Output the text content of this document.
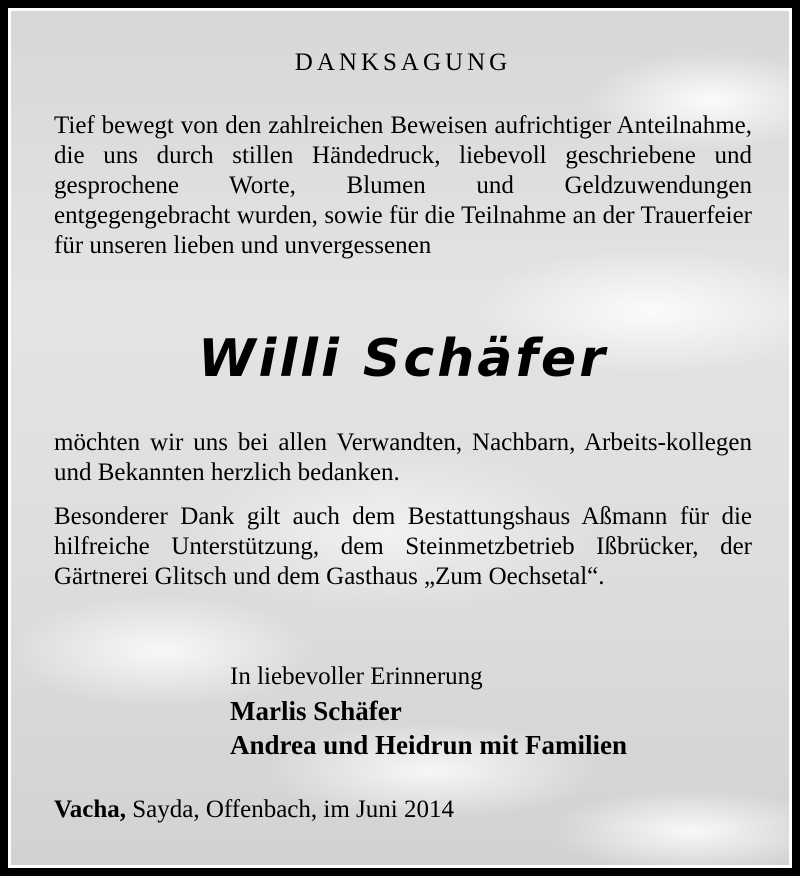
DANKSAGUNG
Tief bewegt von den zahlreichen Beweisen aufrichtiger Anteilnahme, die uns durch stillen Händedruck, liebevoll geschriebene und gesprochene Worte, Blumen und Geldzuwendungen entgegengebracht wurden, sowie für die Teilnahme an der Trauerfeier für unseren lieben und unvergessenen
Willi Schäfer
möchten wir uns bei allen Verwandten, Nachbarn, Arbeits-kollegen und Bekannten herzlich bedanken.
Besonderer Dank gilt auch dem Bestattungshaus Aßmann für die hilfreiche Unterstützung, dem Steinmetzbetrieb Ißbrücker, der Gärtnerei Glitsch und dem Gasthaus „Zum Oechsetal“.
In liebevoller Erinnerung
Marlis Schäfer
Andrea und Heidrun mit Familien
Vacha, Sayda, Offenbach, im Juni 2014
